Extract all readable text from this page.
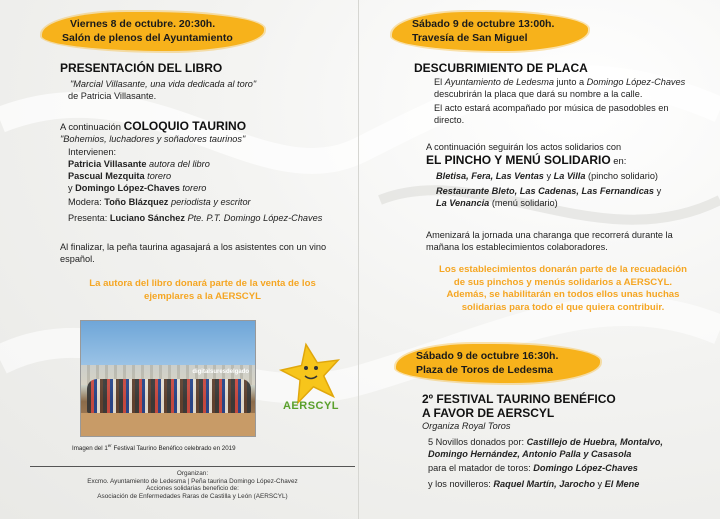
Viernes 8 de octubre. 20:30h.
Salón de plenos del Ayuntamiento
PRESENTACIÓN DEL LIBRO
"Marcial Villasante, una vida dedicada al toro"
de Patricia Villasante.
A continuación COLOQUIO TAURINO
"Bohemios, luchadores y soñadores taurinos"
Intervienen:
Patricia Villasante autora del libro
Pascual Mezquita torero
y Domingo López-Chaves torero
Modera: Toño Blázquez periodista y escritor
Presenta: Luciano Sánchez Pte. P.T. Domingo López-Chaves
Al finalizar, la peña taurina agasajará a los asistentes con un vino
español.
La autora del libro donará parte de la venta de los
ejemplares a la AERSCYL
digitalsuresdelgado
Imagen del 1er Festival Taurino Benéfico celebrado en 2019
AERSCYL
Organizan:
Excmo. Ayuntamiento de Ledesma | Peña taurina Domingo López-Chavez
Acciones solidarias beneficio de:
Asociación de Enfermedades Raras de Castilla y León (AERSCYL)
Sábado 9 de octubre 13:00h.
Travesía de San Miguel
DESCUBRIMIENTO DE PLACA
El Ayuntamiento de Ledesma junto a Domingo López-Chaves
descubrirán la placa que dará su nombre a la calle.
El acto estará acompañado por música de pasodobles en
directo.
A continuación seguirán los actos solidarios con
EL PINCHO Y MENÚ SOLIDARIO en:
Bletisa, Fera, Las Ventas y La Villa (pincho solidario)
Restaurante Bleto, Las Cadenas, Las Fernandicas y
La Venancia (menú solidario)
Amenizará la jornada una charanga que recorrerá durante la
mañana los establecimientos colaboradores.
Los establecimientos donarán parte de la recuadación
de sus pinchos y menús solidarios a AERSCYL.
Además, se habilitarán en todos ellos unas huchas
solidarias para todo el que quiera contribuir.
Sábado 9 de octubre 16:30h.
Plaza de Toros de Ledesma
2º FESTIVAL TAURINO BENÉFICO
A FAVOR DE AERSCYL
Organiza Royal Toros
5 Novillos donados por: Castillejo de Huebra, Montalvo,
Domingo Hernández, Antonio Palla y Casasola
para el matador de toros: Domingo López-Chaves
y los novilleros: Raquel Martín, Jarocho y El Mene
